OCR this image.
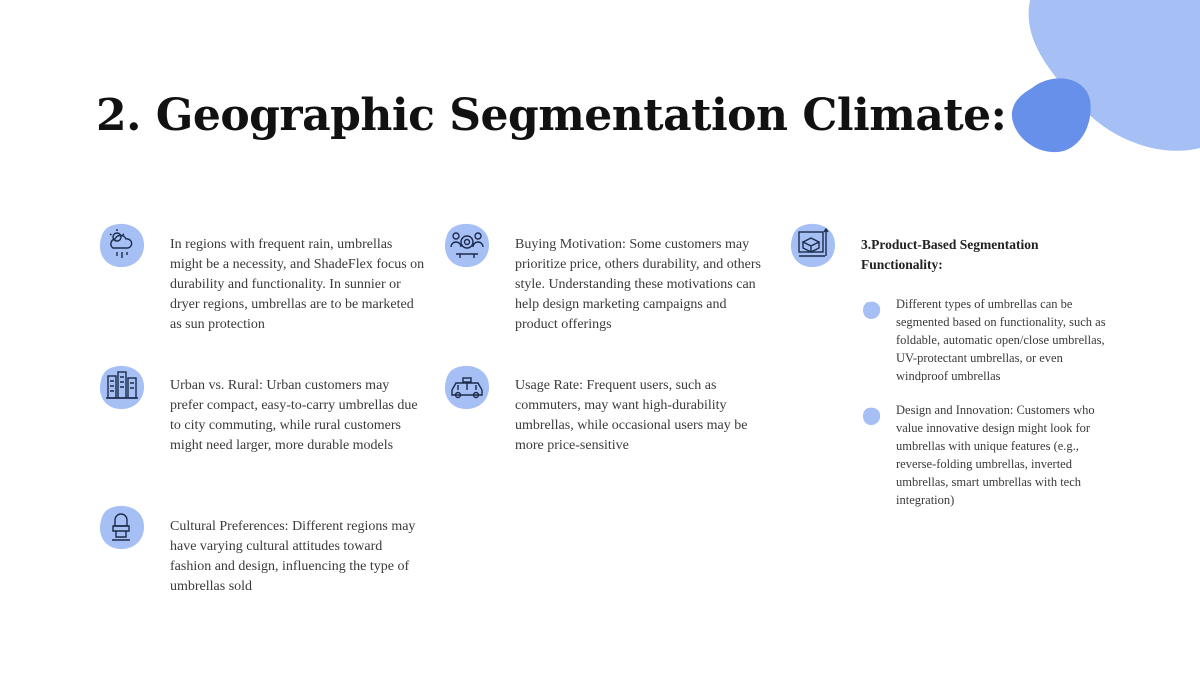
2. Geographic Segmentation Climate:

In regions with frequent rain, umbrellas might be a necessity, and ShadeFlex focus on durability and functionality. In sunnier or dryer regions, umbrellas are to be marketed as sun protection

Urban vs. Rural: Urban customers may prefer compact, easy-to-carry umbrellas due to city commuting, while rural customers might need larger, more durable models

Cultural Preferences: Different regions may have varying cultural attitudes toward fashion and design, influencing the type of umbrellas sold

Buying Motivation: Some customers may prioritize price, others durability, and others style. Understanding these motivations can help design marketing campaigns and product offerings

Usage Rate: Frequent users, such as commuters, may want high-durability umbrellas, while occasional users may be more price-sensitive

3.Product-Based Segmentation Functionality:

Different types of umbrellas can be segmented based on functionality, such as foldable, automatic open/close umbrellas, UV-protectant umbrellas, or even windproof umbrellas

Design and Innovation: Customers who value innovative design might look for umbrellas with unique features (e.g., reverse-folding umbrellas, inverted umbrellas, smart umbrellas with tech integration)
